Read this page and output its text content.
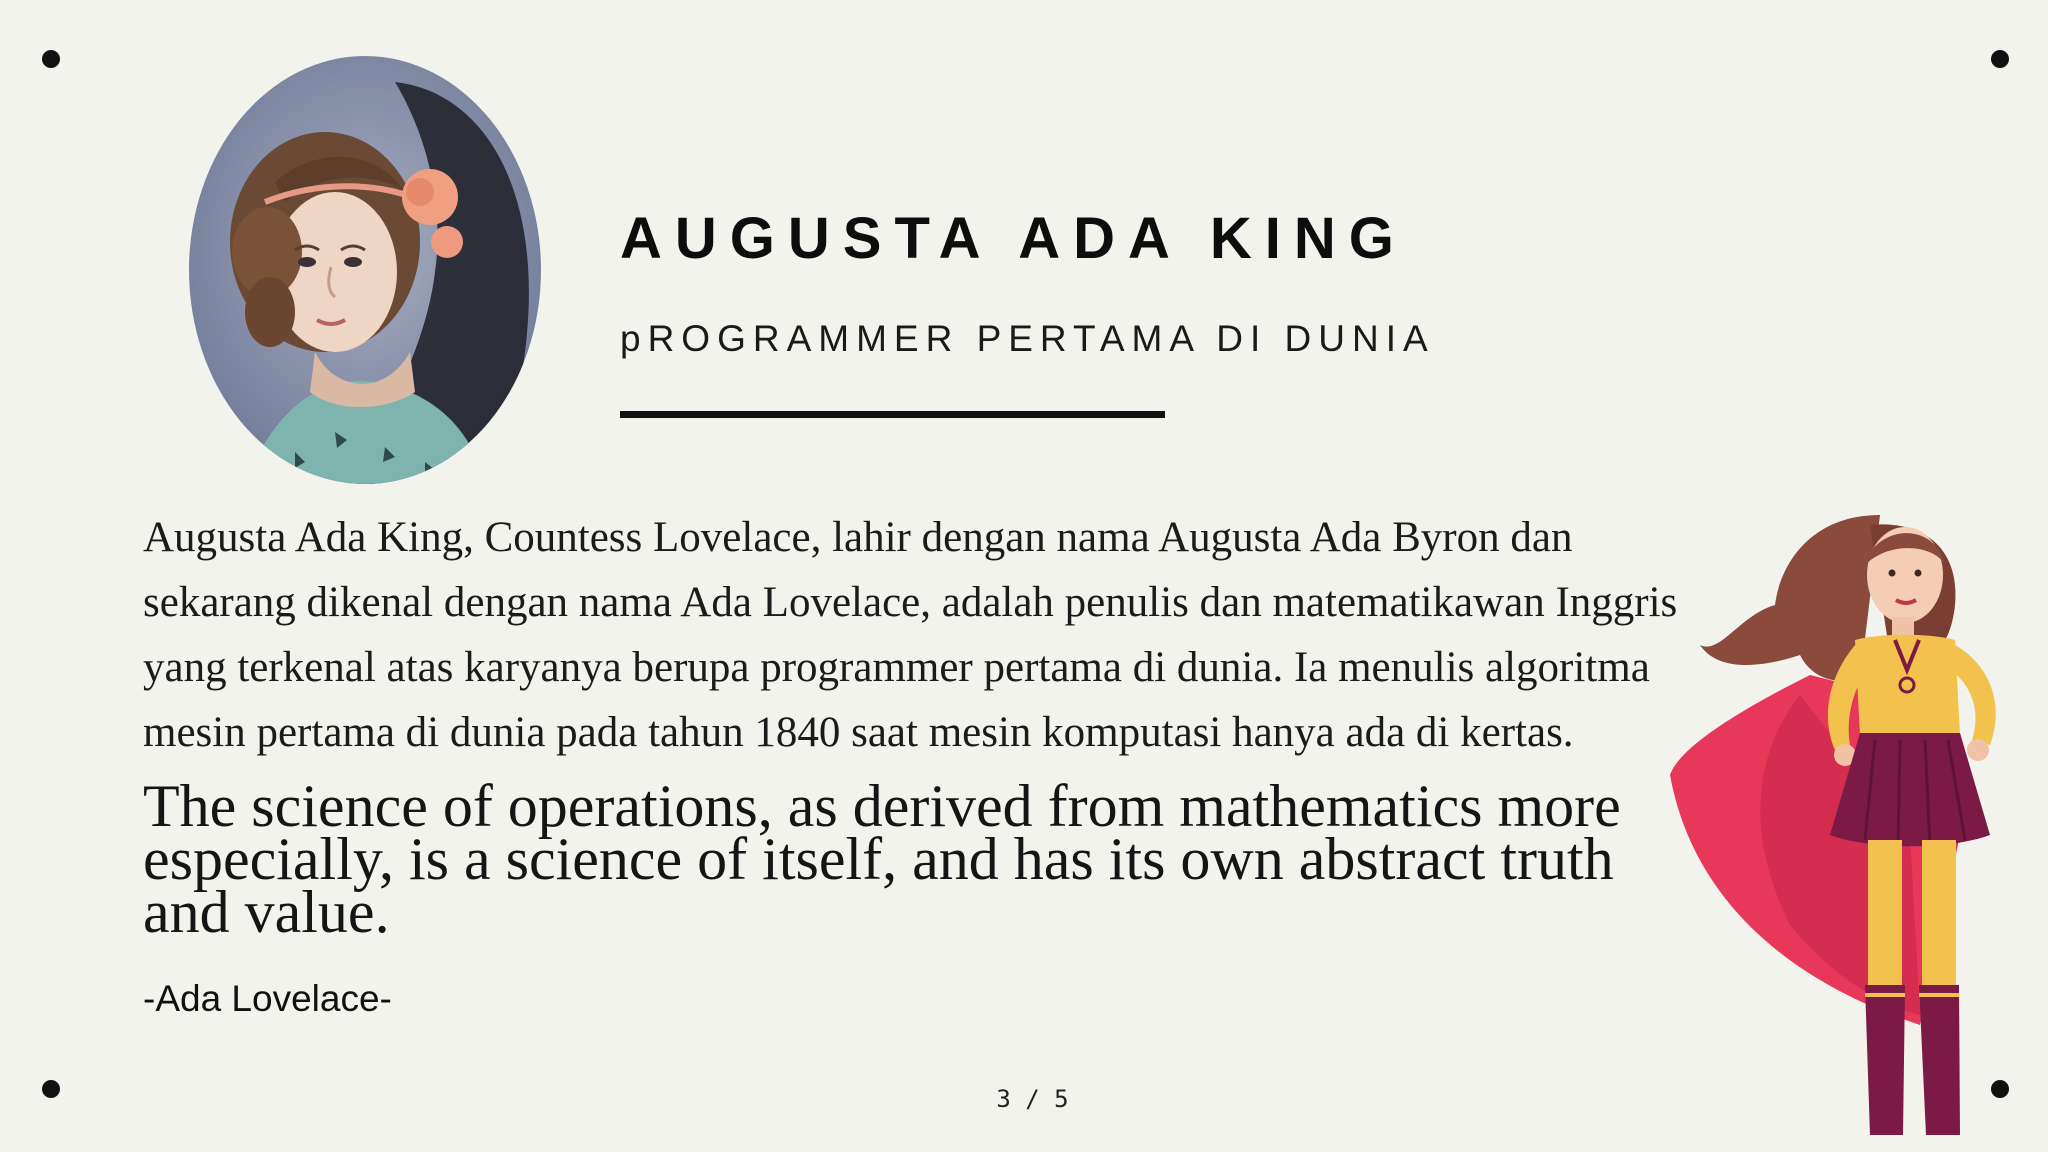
AUGUSTA ADA KING
pROGRAMMER PERTAMA DI DUNIA
Augusta Ada King, Countess Lovelace, lahir dengan nama Augusta Ada Byron dan sekarang dikenal dengan nama Ada Lovelace, adalah penulis dan matematikawan Inggris yang terkenal atas karyanya berupa programmer pertama di dunia. Ia menulis algoritma mesin pertama di dunia pada tahun 1840 saat mesin komputasi hanya ada di kertas.
The science of operations, as derived from mathematics more especially, is a science of itself, and has its own abstract truth and value.
-Ada Lovelace-
3 / 5
